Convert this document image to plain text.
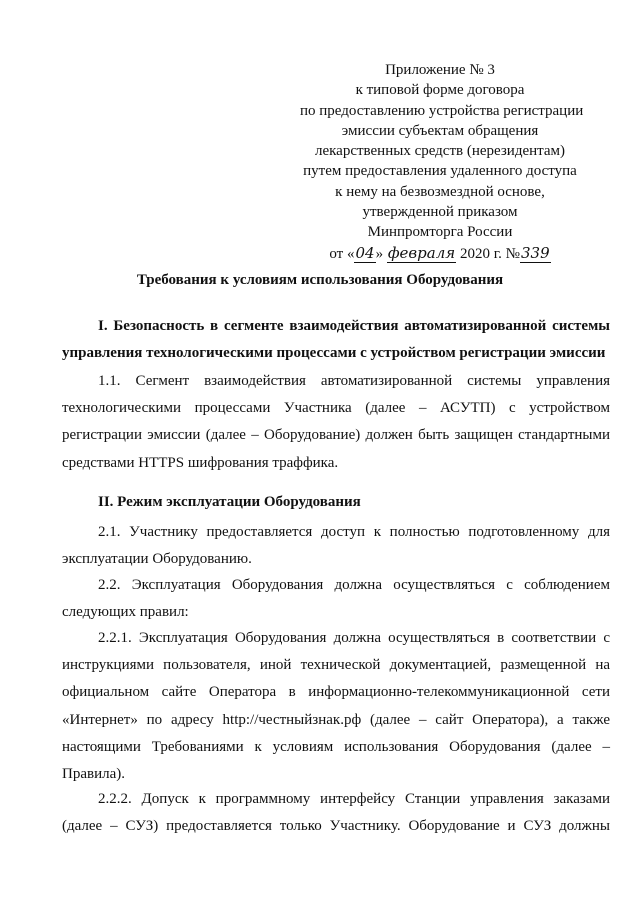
Приложение № 3
к типовой форме договора
по предоставлению устройства регистрации
эмиссии субъектам обращения
лекарственных средств (нерезидентам)
путем предоставления удаленного доступа
к нему на безвозмездной основе,
утвержденной приказом
Минпромторга России
от «04» февраля 2020 г. №339
Требования к условиям использования Оборудования
I. Безопасность в сегменте взаимодействия автоматизированной системы управления технологическими процессами с устройством регистрации эмиссии
1.1. Сегмент взаимодействия автоматизированной системы управления технологическими процессами Участника (далее – АСУТП) с устройством регистрации эмиссии (далее – Оборудование) должен быть защищен стандартными средствами HTTPS шифрования траффика.
II. Режим эксплуатации Оборудования
2.1. Участнику предоставляется доступ к полностью подготовленному для эксплуатации Оборудованию.
2.2. Эксплуатация Оборудования должна осуществляться с соблюдением следующих правил:
2.2.1. Эксплуатация Оборудования должна осуществляться в соответствии с инструкциями пользователя, иной технической документацией, размещенной на официальном сайте Оператора в информационно-телекоммуникационной сети «Интернет» по адресу http://честныйзнак.рф (далее – сайт Оператора), а также настоящими Требованиями к условиям использования Оборудования (далее – Правила).
2.2.2. Допуск к программному интерфейсу Станции управления заказами (далее – СУЗ) предоставляется только Участнику. Оборудование и СУЗ должны
